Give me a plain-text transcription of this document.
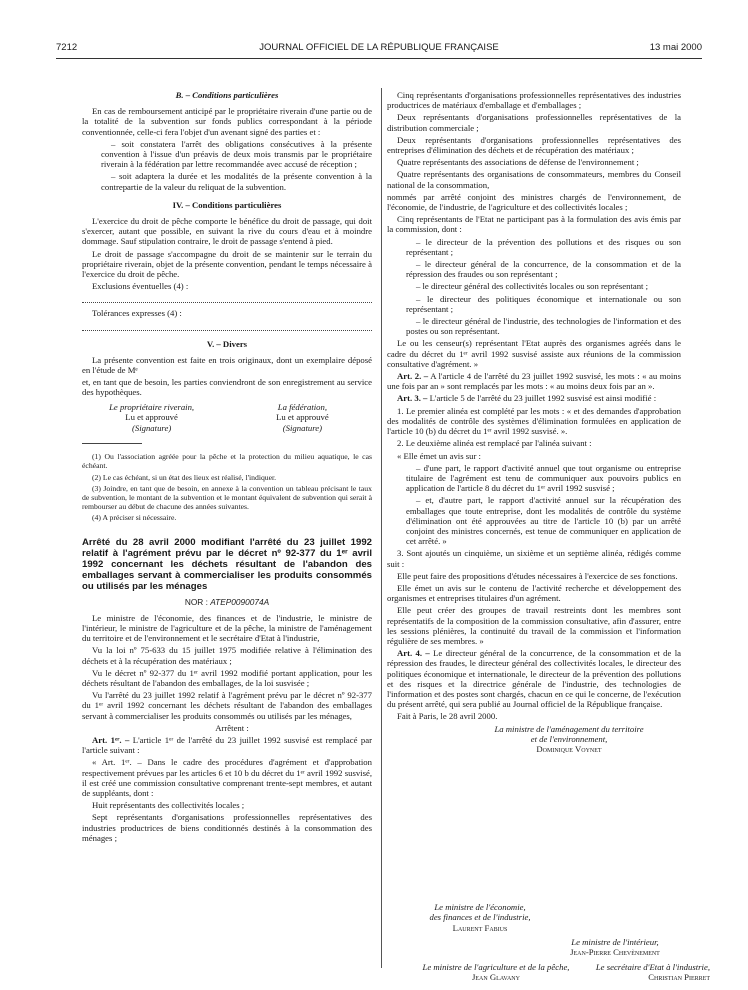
7212	JOURNAL OFFICIEL DE LA RÉPUBLIQUE FRANÇAISE	13 mai 2000
B. – Conditions particulières

En cas de remboursement anticipé par le propriétaire riverain d'une partie ou de la totalité de la subvention sur fonds publics correspondant à la période conventionnée, celle-ci fera l'objet d'un avenant signé des parties et :

– soit constatera l'arrêt des obligations consécutives à la présente convention à l'issue d'un préavis de deux mois transmis par le propriétaire riverain à la fédération par lettre recommandée avec accusé de réception ;

– soit adaptera la durée et les modalités de la présente convention à la contrepartie de la valeur du reliquat de la subvention.

IV. – Conditions particulières

L'exercice du droit de pêche comporte le bénéfice du droit de passage, qui doit s'exercer, autant que possible, en suivant la rive du cours d'eau et à moindre dommage. Sauf stipulation contraire, le droit de passage s'entend à pied.

Le droit de passage s'accompagne du droit de se maintenir sur le terrain du propriétaire riverain, objet de la présente convention, pendant le temps nécessaire à l'exercice du droit de pêche.

Exclusions éventuelles (4) :

Tolérances expresses (4) :

V. – Divers

La présente convention est faite en trois originaux, dont un exemplaire déposé en l'étude de Mᵉ

et, en tant que de besoin, les parties conviendront de son enregistrement au service des hypothèques.

Le propriétaire riverain,
Lu et approuvé
(Signature)
La fédération,
Lu et approuvé
(Signature)

(1) Ou l'association agréée pour la pêche et la protection du milieu aquatique, le cas échéant.

(2) Le cas échéant, si un état des lieux est réalisé, l'indiquer.

(3) Joindre, en tant que de besoin, en annexe à la convention un tableau précisant le taux de subvention, le montant de la subvention et le montant équivalent de subvention qui serait à rembourser au début de chacune des années suivantes.

(4) A préciser si nécessaire.

Arrêté du 28 avril 2000 modifiant l'arrêté du 23 juillet 1992 relatif à l'agrément prévu par le décret nº 92-377 du 1ᵉʳ avril 1992 concernant les déchets résultant de l'abandon des emballages servant à commercialiser les produits consommés ou utilisés par les ménages
NOR : ATEP0090074A

Le ministre de l'économie, des finances et de l'industrie, le ministre de l'intérieur, le ministre de l'agriculture et de la pêche, la ministre de l'aménagement du territoire et de l'environnement et le secrétaire d'Etat à l'industrie,

Vu la loi nº 75-633 du 15 juillet 1975 modifiée relative à l'élimination des déchets et à la récupération des matériaux ;

Vu le décret nº 92-377 du 1ᵉʳ avril 1992 modifié portant application, pour les déchets résultant de l'abandon des emballages, de la loi susvisée ;

Vu l'arrêté du 23 juillet 1992 relatif à l'agrément prévu par le décret nº 92-377 du 1ᵉʳ avril 1992 concernant les déchets résultant de l'abandon des emballages servant à commercialiser les produits consommés ou utilisés par les ménages,

Arrêtent :

Art. 1ᵉʳ. – L'article 1ᵉʳ de l'arrêté du 23 juillet 1992 susvisé est remplacé par l'article suivant :

« Art. 1ᵉʳ. – Dans le cadre des procédures d'agrément et d'approbation respectivement prévues par les articles 6 et 10 b du décret du 1ᵉʳ avril 1992 susvisé, il est créé une commission consultative comprenant trente-sept membres, et autant de suppléants, dont :

Huit représentants des collectivités locales ;

Sept représentants d'organisations professionnelles représentatives des industries productrices de biens conditionnés destinés à la consommation des ménages ;

Cinq représentants d'organisations professionnelles représentatives des industries productrices de matériaux d'emballage et d'emballages ;

Deux représentants d'organisations professionnelles représentatives de la distribution commerciale ;

Deux représentants d'organisations professionnelles représentatives des entreprises d'élimination des déchets et de récupération des matériaux ;

Quatre représentants des associations de défense de l'environnement ;

Quatre représentants des organisations de consommateurs, membres du Conseil national de la consommation,

nommés par arrêté conjoint des ministres chargés de l'environnement, de l'économie, de l'industrie, de l'agriculture et des collectivités locales ;

Cinq représentants de l'Etat ne participant pas à la formulation des avis émis par la commission, dont :

– le directeur de la prévention des pollutions et des risques ou son représentant ;

– le directeur général de la concurrence, de la consommation et de la répression des fraudes ou son représentant ;

– le directeur général des collectivités locales ou son représentant ;

– le directeur des politiques économique et internationale ou son représentant ;

– le directeur général de l'industrie, des technologies de l'information et des postes ou son représentant.

Le ou les censeur(s) représentant l'Etat auprès des organismes agréés dans le cadre du décret du 1ᵉʳ avril 1992 susvisé assiste aux réunions de la commission consultative d'agrément. »

Art. 2. – A l'article 4 de l'arrêté du 23 juillet 1992 susvisé, les mots : « au moins une fois par an » sont remplacés par les mots : « au moins deux fois par an ».

Art. 3. – L'article 5 de l'arrêté du 23 juillet 1992 susvisé est ainsi modifié :

1. Le premier alinéa est complété par les mots : « et des demandes d'approbation des modalités de contrôle des systèmes d'élimination formulées en application de l'article 10 (b) du décret du 1ᵉʳ avril 1992 susvisé. ».

2. Le deuxième alinéa est remplacé par l'alinéa suivant :

« Elle émet un avis sur :

– d'une part, le rapport d'activité annuel que tout organisme ou entreprise titulaire de l'agrément est tenu de communiquer aux pouvoirs publics en application de l'article 8 du décret du 1ᵉʳ avril 1992 susvisé ;

– et, d'autre part, le rapport d'activité annuel sur la récupération des emballages que toute entreprise, dont les modalités de contrôle du système d'élimination ont été approuvées au titre de l'article 10 (b) par un arrêté conjoint des ministres concernés, est tenue de communiquer en application de cet arrêté. »

3. Sont ajoutés un cinquième, un sixième et un septième alinéa, rédigés comme suit :

Elle peut faire des propositions d'études nécessaires à l'exercice de ses fonctions.

Elle émet un avis sur le contenu de l'activité recherche et développement des organismes et entreprises titulaires d'un agrément.

Elle peut créer des groupes de travail restreints dont les membres sont représentatifs de la composition de la commission consultative, afin d'assurer, entre les sessions plénières, la continuité du travail de la commission et l'information régulière de ses membres. »

Art. 4. – Le directeur général de la concurrence, de la consommation et de la répression des fraudes, le directeur général des collectivités locales, le directeur des politiques économique et internationale, le directeur de la prévention des pollutions et des risques et la directrice générale de l'industrie, des technologies de l'information et des postes sont chargés, chacun en ce qui le concerne, de l'exécution du présent arrêté, qui sera publié au Journal officiel de la République française.

Fait à Paris, le 28 avril 2000.

La ministre de l'aménagement du territoire
et de l'environnement,
Dominique Voynet
Le ministre de l'économie,
des finances et de l'industrie,
Laurent Fabius
Le ministre de l'intérieur,
Jean-Pierre Chevènement
Le ministre de l'agriculture et de la pêche,
Jean Glavany
Le secrétaire d'Etat à l'industrie,
Christian Pierret
